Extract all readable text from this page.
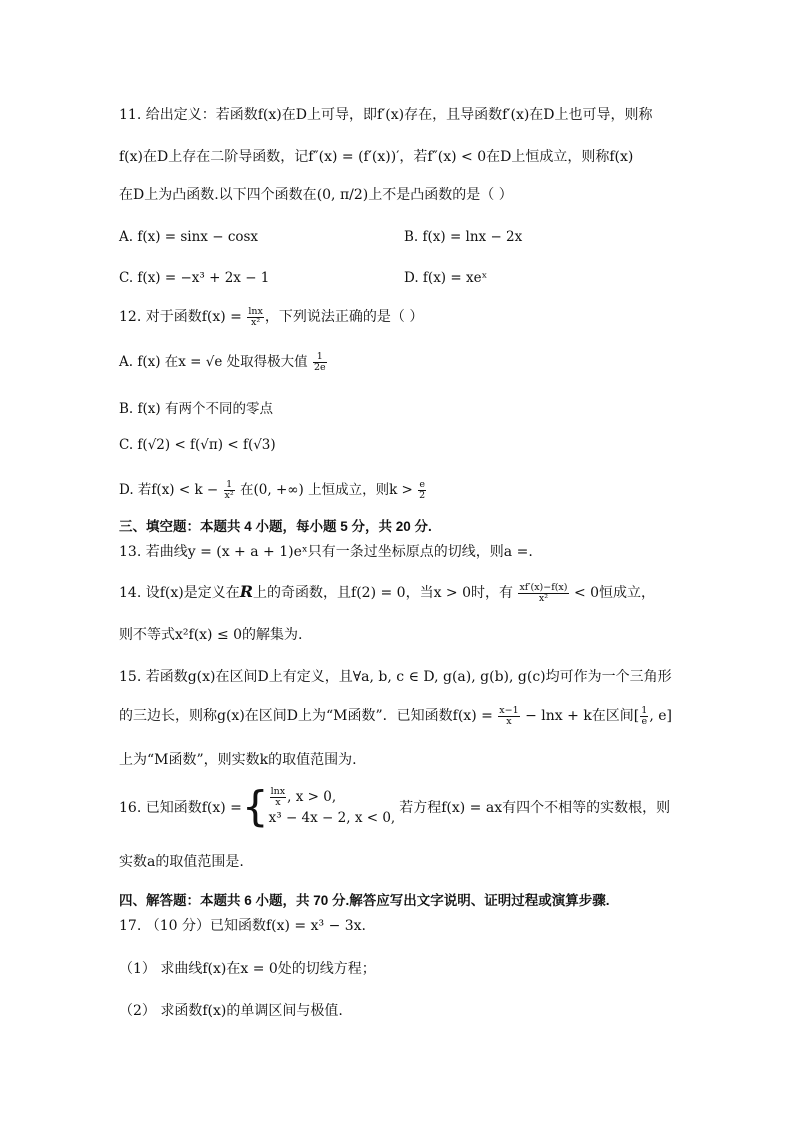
11. 给出定义：若函数f(x)在D上可导，即f′(x)存在，且导函数f′(x)在D上也可导，则称
f(x)在D上存在二阶导函数，记f″(x) = (f′(x))′，若f″(x) < 0在D上恒成立，则称f(x)
在D上为凸函数.以下四个函数在(0, π/2)上不是凸函数的是（ ）
A. f(x) = sinx − cosx	B. f(x) = lnx − 2x
C. f(x) = −x³ + 2x − 1	D. f(x) = xeˣ
12. 对于函数$f(x) = \frac{\ln x}{\text{x²}}$ ，下列说法正确的是（ ）
A. f(x) 在x = √e 处取得极大值 $\frac{1}{2e}$
B. f(x) 有两个不同的零点
C. f(√2) < f(√π) < f(√3)
D. 若$f(x) < k - \frac{1}{\text{x²}}$ 在(0, +∞) 上恒成立，则$k > \frac{e}{2}$
三、填空题：本题共 4 小题，每小题 5 分，共 20 分.
13. 若曲线y = (x + a + 1)eˣ只有一条过坐标原点的切线，则a =.
14. 设f(x)是定义在R上的奇函数，且f(2) = 0，当x > 0时，有 $\frac{xf'(x)-f(x)}{\text{x²}} < 0$恒成立，
则不等式x²f(x) ≤ 0的解集为.
15. 若函数g(x)在区间D上有定义，且∀a, b, c ∈ D, g(a), g(b), g(c)均可作为一个三角形
的三边长，则称g(x)在区间D上为“M函数”．已知函数$f(x) = \frac{x-1}{x} - \ln x + k$在区间[ $\frac{1}{e}$ , e]
上为“M函数”，则实数k的取值范围为.
16. 已知函数f(x) ={ $\frac{\ln x}{x}$ , x > 0,
x³ − 4x − 2, x < 0,
若方程f(x) = ax有四个不相等的实数根，则
实数a的取值范围是.
四、解答题：本题共 6 小题，共 70 分.解答应写出文字说明、证明过程或演算步骤.
17. （10 分）已知函数f(x) = x³ − 3x.
（1） 求曲线f(x)在x = 0处的切线方程；
（2） 求函数f(x)的单调区间与极值.
